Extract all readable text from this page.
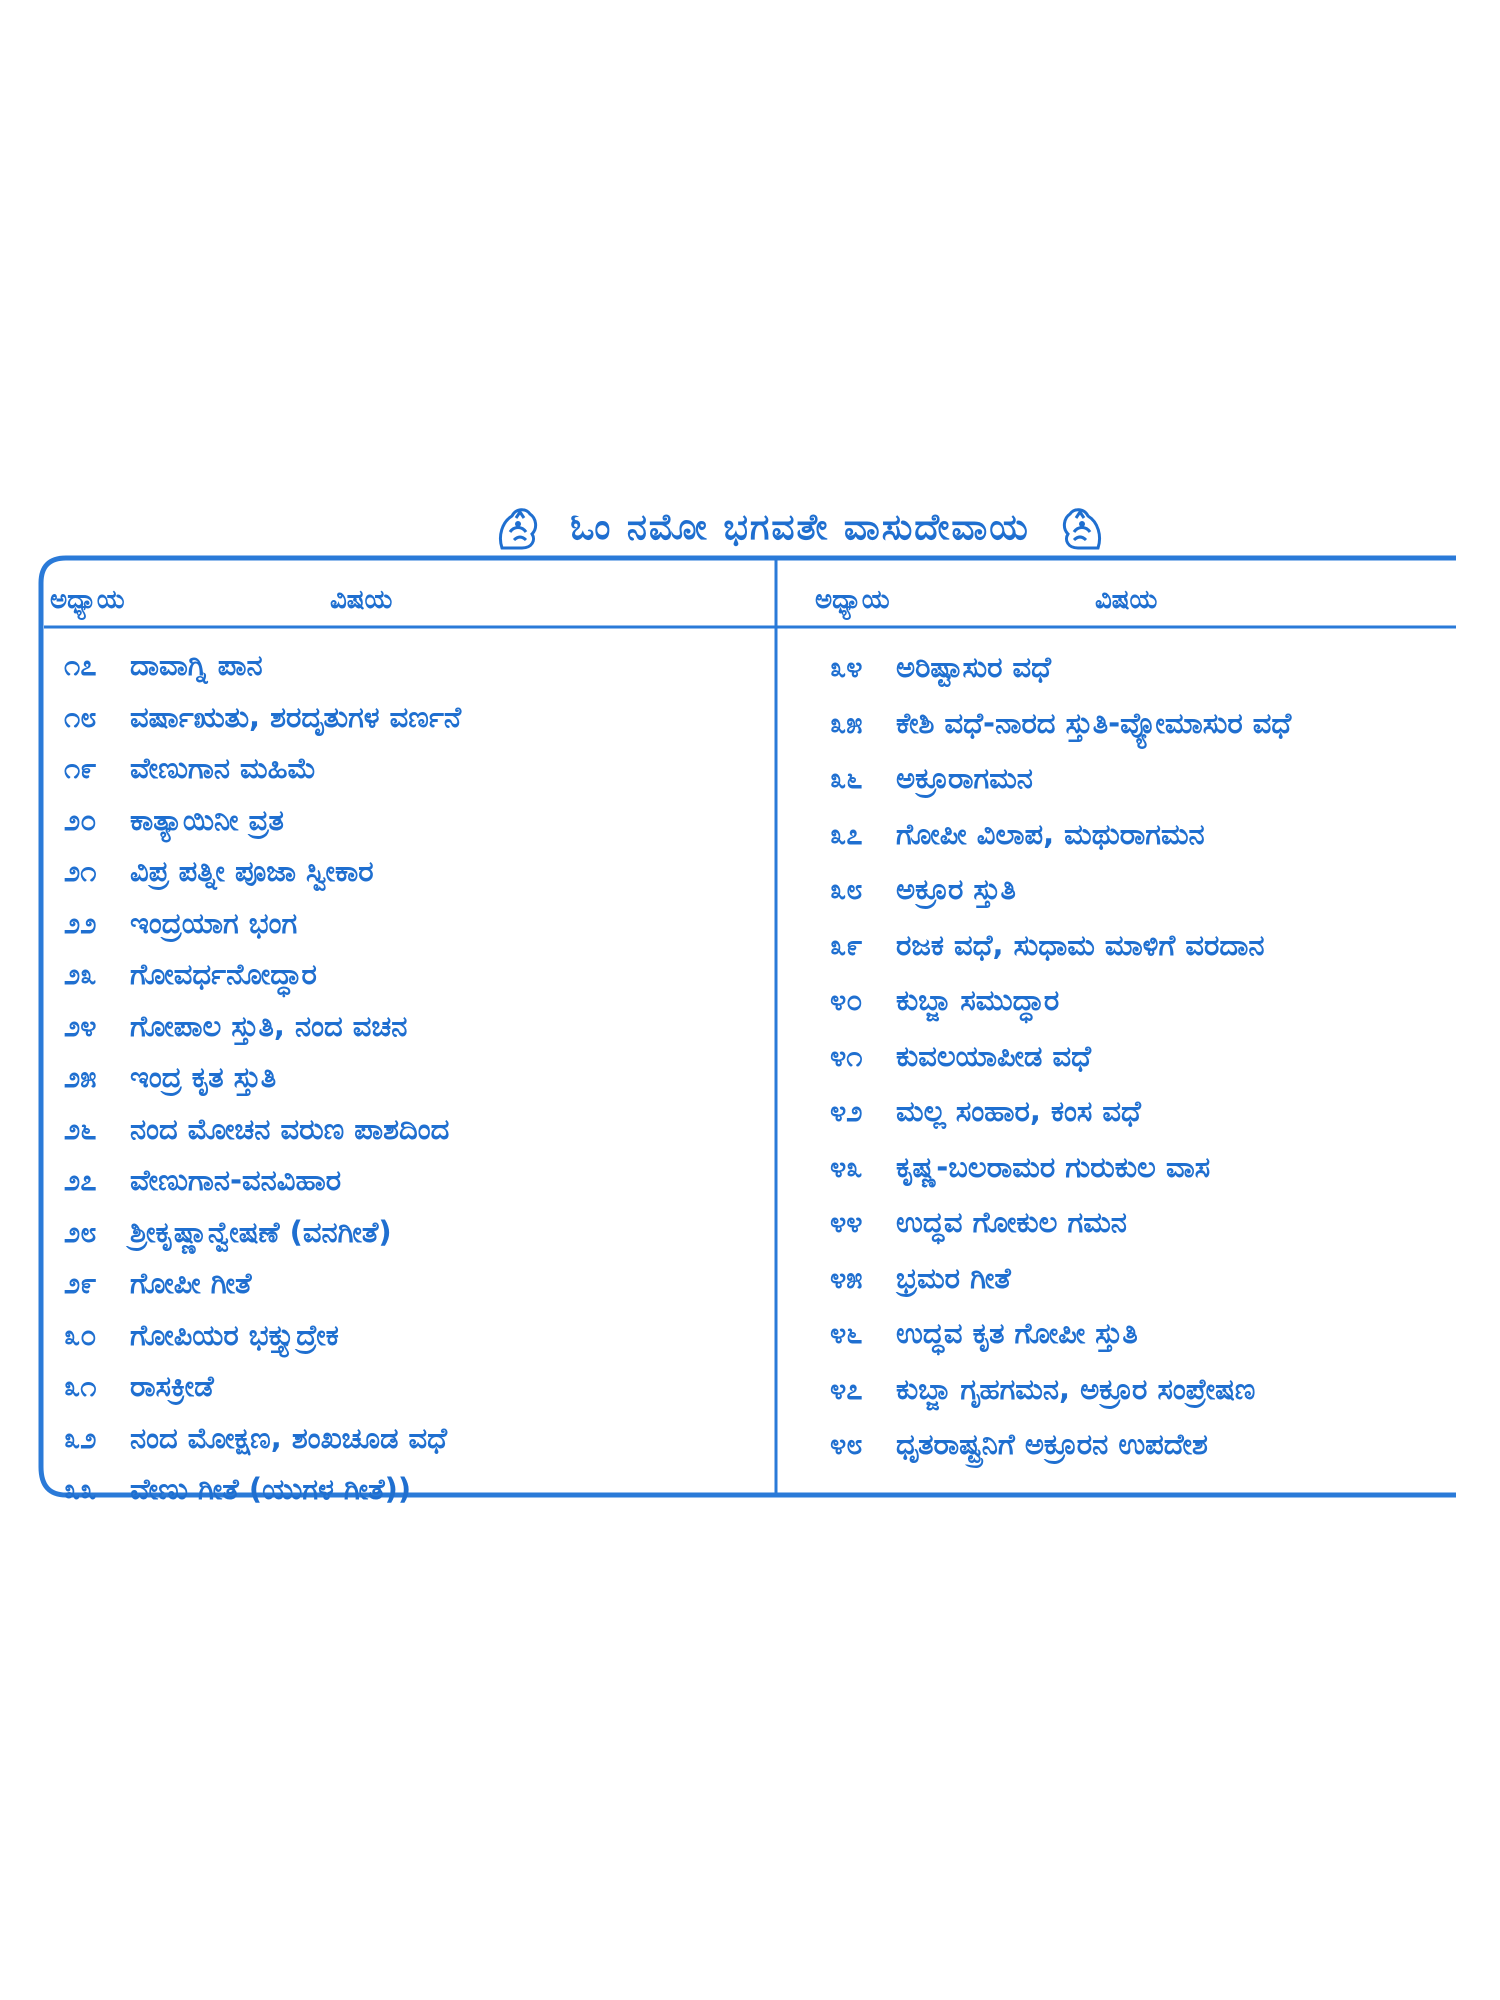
ಓಂ ನಮೋ ಭಗವತೇ ವಾಸುದೇವಾಯ
ಅಧ್ಯಾಯ	ವಿಷಯ	ಅಧ್ಯಾಯ	ವಿಷಯ
೧೭	ದಾವಾಗ್ನಿ ಪಾನ
೧೮	ವರ್ಷಾಋತು, ಶರದೃತುಗಳ ವರ್ಣನೆ
೧೯	ವೇಣುಗಾನ ಮಹಿಮೆ
೨೦	ಕಾತ್ಯಾಯಿನೀ ವ್ರತ
೨೧	ವಿಪ್ರ ಪತ್ನೀ ಪೂಜಾ ಸ್ವೀಕಾರ
೨೨	ಇಂದ್ರಯಾಗ ಭಂಗ
೨೩	ಗೋವರ್ಧನೋದ್ಧಾರ
೨೪	ಗೋಪಾಲ ಸ್ತುತಿ, ನಂದ ವಚನ
೨೫	ಇಂದ್ರ ಕೃತ ಸ್ತುತಿ
೨೬	ನಂದ ಮೋಚನ ವರುಣ ಪಾಶದಿಂದ
೨೭	ವೇಣುಗಾನ-ವನವಿಹಾರ
೨೮	ಶ್ರೀಕೃಷ್ಣಾನ್ವೇಷಣೆ (ವನಗೀತೆ)
೨೯	ಗೋಪೀ ಗೀತೆ
೩೦	ಗೋಪಿಯರ ಭಕ್ತ್ಯುದ್ರೇಕ
೩೧	ರಾಸಕ್ರೀಡೆ
೩೨	ನಂದ ಮೋಕ್ಷಣ, ಶಂಖಚೂಡ ವಧೆ
೩೩	ವೇಣು ಗೀತೆ (ಯುಗಳ ಗೀತೆ))
೩೪	ಅರಿಷ್ಟಾಸುರ ವಧೆ
೩೫	ಕೇಶಿ ವಧೆ-ನಾರದ ಸ್ತುತಿ-ವ್ಯೋಮಾಸುರ ವಧೆ
೩೬	ಅಕ್ರೂರಾಗಮನ
೩೭	ಗೋಪೀ ವಿಲಾಪ, ಮಥುರಾಗಮನ
೩೮	ಅಕ್ರೂರ ಸ್ತುತಿ
೩೯	ರಜಕ ವಧೆ, ಸುಧಾಮ ಮಾಳಿಗೆ ವರದಾನ
೪೦	ಕುಬ್ಜಾ ಸಮುದ್ಧಾರ
೪೧	ಕುವಲಯಾಪೀಡ ವಧೆ
೪೨	ಮಲ್ಲ ಸಂಹಾರ, ಕಂಸ ವಧೆ
೪೩	ಕೃಷ್ಣ-ಬಲರಾಮರ ಗುರುಕುಲ ವಾಸ
೪೪	ಉದ್ಧವ ಗೋಕುಲ ಗಮನ
೪೫	ಭ್ರಮರ ಗೀತೆ
೪೬	ಉದ್ಧವ ಕೃತ ಗೋಪೀ ಸ್ತುತಿ
೪೭	ಕುಬ್ಜಾ ಗೃಹಗಮನ, ಅಕ್ರೂರ ಸಂಪ್ರೇಷಣ
೪೮	ಧೃತರಾಷ್ಟ್ರನಿಗೆ ಅಕ್ರೂರನ ಉಪದೇಶ
